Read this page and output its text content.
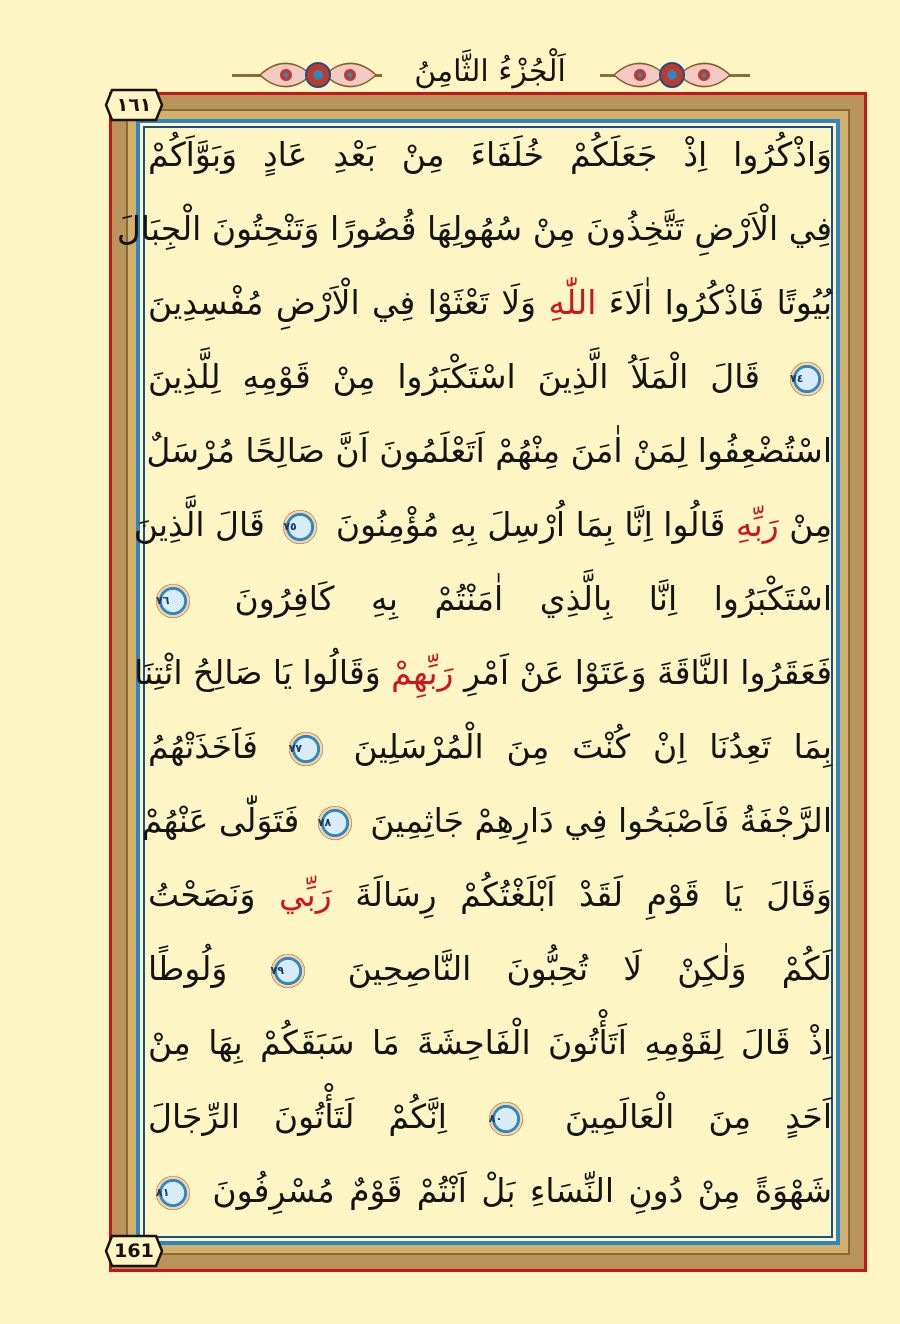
اَلْجُزْءُ الثَّامِنُ
١٦١
161
وَاذْكُرُوا اِذْ جَعَلَكُمْ خُلَفَاءَ مِنْ بَعْدِ عَادٍ وَبَوَّاَكُمْ
فِي الْاَرْضِ تَتَّخِذُونَ مِنْ سُهُولِهَا قُصُورًا وَتَنْحِتُونَ الْجِبَالَ
بُيُوتًا فَاذْكُرُوا اٰلَاءَ اللّٰهِ وَلَا تَعْثَوْا فِي الْاَرْضِ مُفْسِدِينَ
٧٤
قَالَ الْمَلَاُ الَّذِينَ اسْتَكْبَرُوا مِنْ قَوْمِهِ لِلَّذِينَ
اسْتُضْعِفُوا لِمَنْ اٰمَنَ مِنْهُمْ اَتَعْلَمُونَ اَنَّ صَالِحًا مُرْسَلٌ
مِنْ رَبِّهِ قَالُوا اِنَّا بِمَا اُرْسِلَ بِهِ مُؤْمِنُونَ
٧٥
قَالَ الَّذِينَ
اسْتَكْبَرُوا اِنَّا بِالَّذِي اٰمَنْتُمْ بِهِ كَافِرُونَ
٧٦
فَعَقَرُوا النَّاقَةَ وَعَتَوْا عَنْ اَمْرِ رَبِّهِمْ وَقَالُوا يَا صَالِحُ ائْتِنَا
بِمَا تَعِدُنَا اِنْ كُنْتَ مِنَ الْمُرْسَلِينَ
٧٧
فَاَخَذَتْهُمُ
الرَّجْفَةُ فَاَصْبَحُوا فِي دَارِهِمْ جَاثِمِينَ
٧٨
فَتَوَلّٰى عَنْهُمْ
وَقَالَ يَا قَوْمِ لَقَدْ اَبْلَغْتُكُمْ رِسَالَةَ رَبِّي وَنَصَحْتُ
لَكُمْ وَلٰكِنْ لَا تُحِبُّونَ النَّاصِحِينَ
٧٩
وَلُوطًا
اِذْ قَالَ لِقَوْمِهِ اَتَأْتُونَ الْفَاحِشَةَ مَا سَبَقَكُمْ بِهَا مِنْ
اَحَدٍ مِنَ الْعَالَمِينَ
٨٠
اِنَّكُمْ لَتَأْتُونَ الرِّجَالَ
شَهْوَةً مِنْ دُونِ النِّسَاءِ بَلْ اَنْتُمْ قَوْمٌ مُسْرِفُونَ
٨١
